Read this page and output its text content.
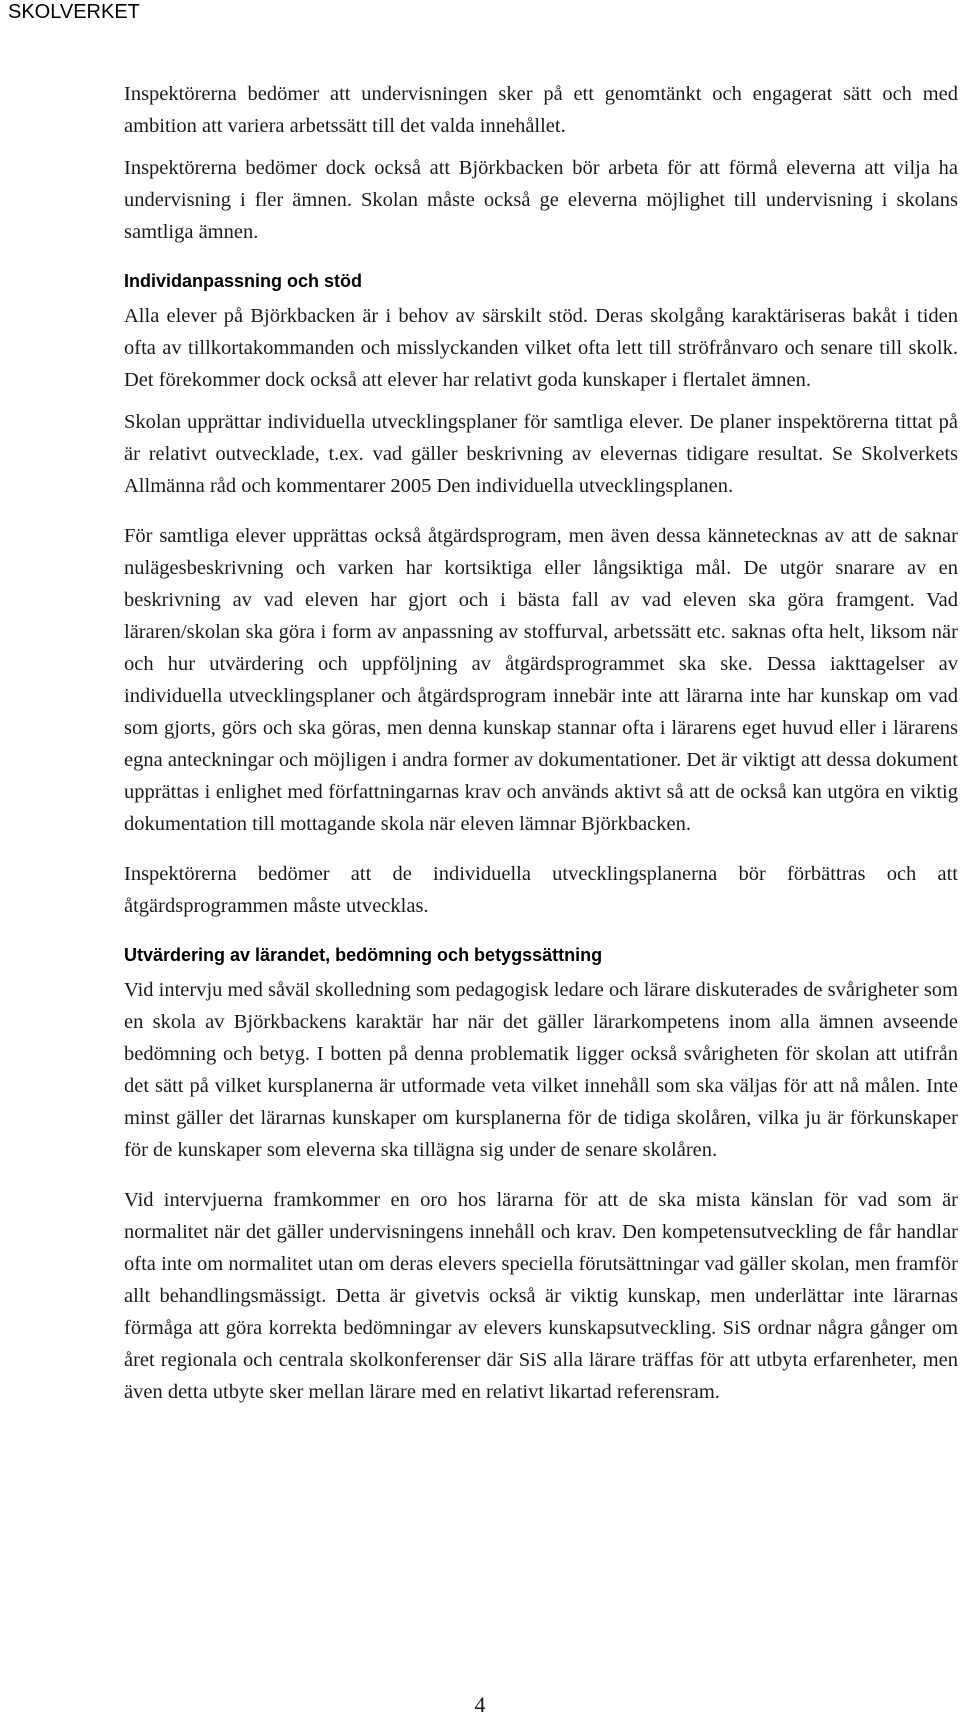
SKOLVERKET

Inspektörerna bedömer att undervisningen sker på ett genomtänkt och engagerat sätt och med ambition att variera arbetssätt till det valda innehållet.

Inspektörerna bedömer dock också att Björkbacken bör arbeta för att förmå eleverna att vilja ha undervisning i fler ämnen. Skolan måste också ge eleverna möjlighet till undervisning i skolans samtliga ämnen.

Individanpassning och stöd

Alla elever på Björkbacken är i behov av särskilt stöd. Deras skolgång karaktäriseras bakåt i tiden ofta av tillkortakommanden och misslyckanden vilket ofta lett till ströfrånvaro och senare till skolk. Det förekommer dock också att elever har relativt goda kunskaper i flertalet ämnen.

Skolan upprättar individuella utvecklingsplaner för samtliga elever. De planer inspektörerna tittat på är relativt outvecklade, t.ex. vad gäller beskrivning av elevernas tidigare resultat. Se Skolverkets Allmänna råd och kommentarer 2005 Den individuella utvecklingsplanen.

För samtliga elever upprättas också åtgärdsprogram, men även dessa kännetecknas av att de saknar nulägesbeskrivning och varken har kortsiktiga eller långsiktiga mål. De utgör snarare av en beskrivning av vad eleven har gjort och i bästa fall av vad eleven ska göra framgent. Vad läraren/skolan ska göra i form av anpassning av stoffurval, arbetssätt etc. saknas ofta helt, liksom när och hur utvärdering och uppföljning av åtgärdsprogrammet ska ske. Dessa iakttagelser av individuella utvecklingsplaner och åtgärdsprogram innebär inte att lärarna inte har kunskap om vad som gjorts, görs och ska göras, men denna kunskap stannar ofta i lärarens eget huvud eller i lärarens egna anteckningar och möjligen i andra former av dokumentationer. Det är viktigt att dessa dokument upprättas i enlighet med författningarnas krav och används aktivt så att de också kan utgöra en viktig dokumentation till mottagande skola när eleven lämnar Björkbacken.

Inspektörerna bedömer att de individuella utvecklingsplanerna bör förbättras och att åtgärdsprogrammen måste utvecklas.

Utvärdering av lärandet, bedömning och betygssättning

Vid intervju med såväl skolledning som pedagogisk ledare och lärare diskuterades de svårigheter som en skola av Björkbackens karaktär har när det gäller lärarkompetens inom alla ämnen avseende bedömning och betyg. I botten på denna problematik ligger också svårigheten för skolan att utifrån det sätt på vilket kursplanerna är utformade veta vilket innehåll som ska väljas för att nå målen. Inte minst gäller det lärarnas kunskaper om kursplanerna för de tidiga skolåren, vilka ju är förkunskaper för de kunskaper som eleverna ska tillägna sig under de senare skolåren.

Vid intervjuerna framkommer en oro hos lärarna för att de ska mista känslan för vad som är normalitet när det gäller undervisningens innehåll och krav. Den kompetensutveckling de får handlar ofta inte om normalitet utan om deras elevers speciella förutsättningar vad gäller skolan, men framför allt behandlingsmässigt. Detta är givetvis också är viktig kunskap, men underlättar inte lärarnas förmåga att göra korrekta bedömningar av elevers kunskapsutveckling. SiS ordnar några gånger om året regionala och centrala skolkonferenser där SiS alla lärare träffas för att utbyta erfarenheter, men även detta utbyte sker mellan lärare med en relativt likartad referensram.

4
